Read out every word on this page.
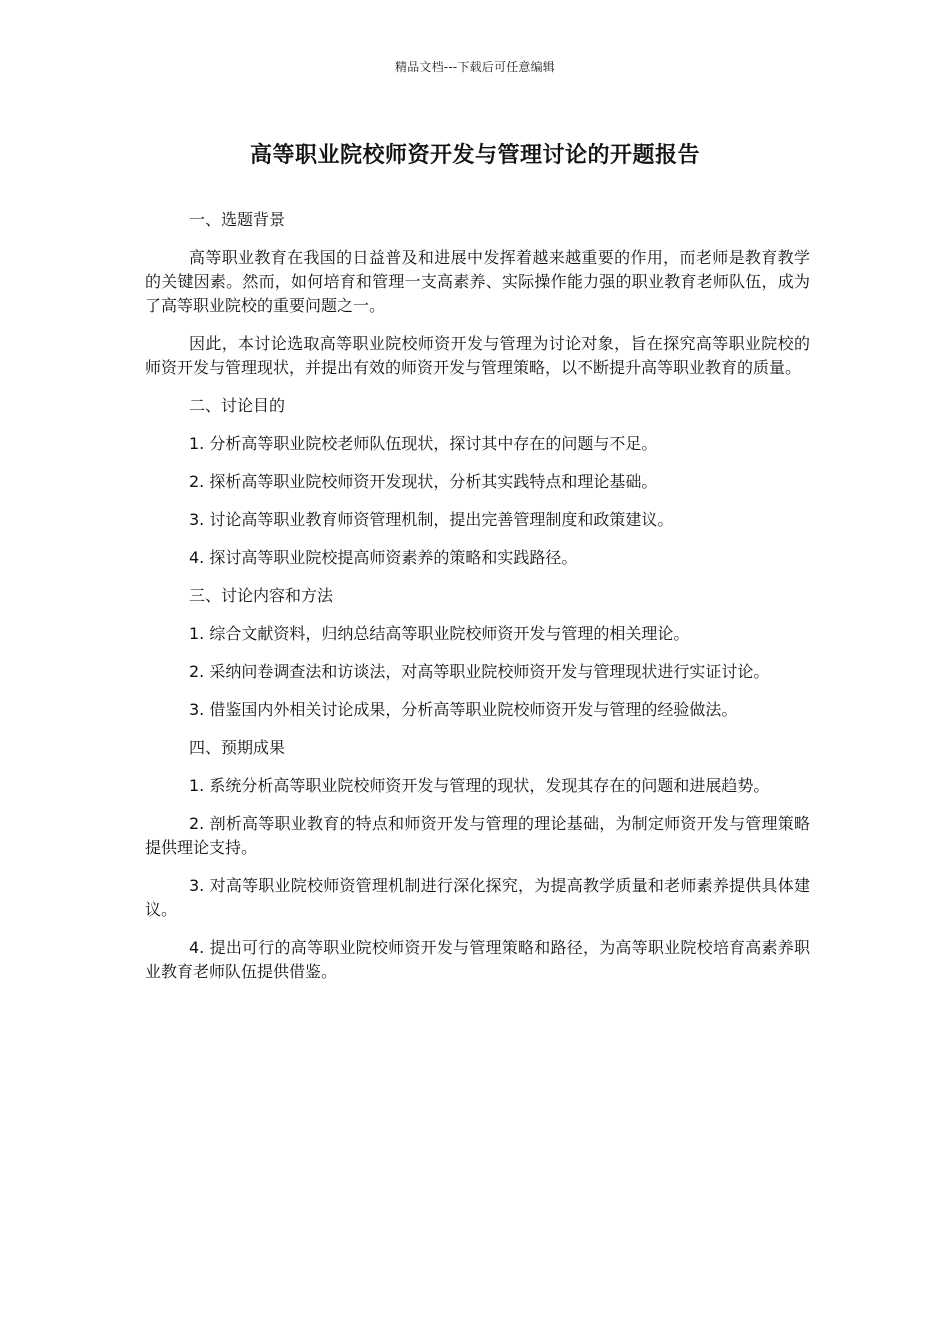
精品文档---下载后可任意编辑
高等职业院校师资开发与管理讨论的开题报告

一、选题背景

高等职业教育在我国的日益普及和进展中发挥着越来越重要的作用，而老师是教育教学的关键因素。然而，如何培育和管理一支高素养、实际操作能力强的职业教育老师队伍，成为了高等职业院校的重要问题之一。

因此，本讨论选取高等职业院校师资开发与管理为讨论对象，旨在探究高等职业院校的师资开发与管理现状，并提出有效的师资开发与管理策略，以不断提升高等职业教育的质量。

二、讨论目的

1. 分析高等职业院校老师队伍现状，探讨其中存在的问题与不足。

2. 探析高等职业院校师资开发现状，分析其实践特点和理论基础。

3. 讨论高等职业教育师资管理机制，提出完善管理制度和政策建议。

4. 探讨高等职业院校提高师资素养的策略和实践路径。

三、讨论内容和方法

1. 综合文献资料，归纳总结高等职业院校师资开发与管理的相关理论。

2. 采纳问卷调查法和访谈法，对高等职业院校师资开发与管理现状进行实证讨论。

3. 借鉴国内外相关讨论成果，分析高等职业院校师资开发与管理的经验做法。

四、预期成果

1. 系统分析高等职业院校师资开发与管理的现状，发现其存在的问题和进展趋势。

2. 剖析高等职业教育的特点和师资开发与管理的理论基础，为制定师资开发与管理策略提供理论支持。

3. 对高等职业院校师资管理机制进行深化探究，为提高教学质量和老师素养提供具体建议。

4. 提出可行的高等职业院校师资开发与管理策略和路径，为高等职业院校培育高素养职业教育老师队伍提供借鉴。
